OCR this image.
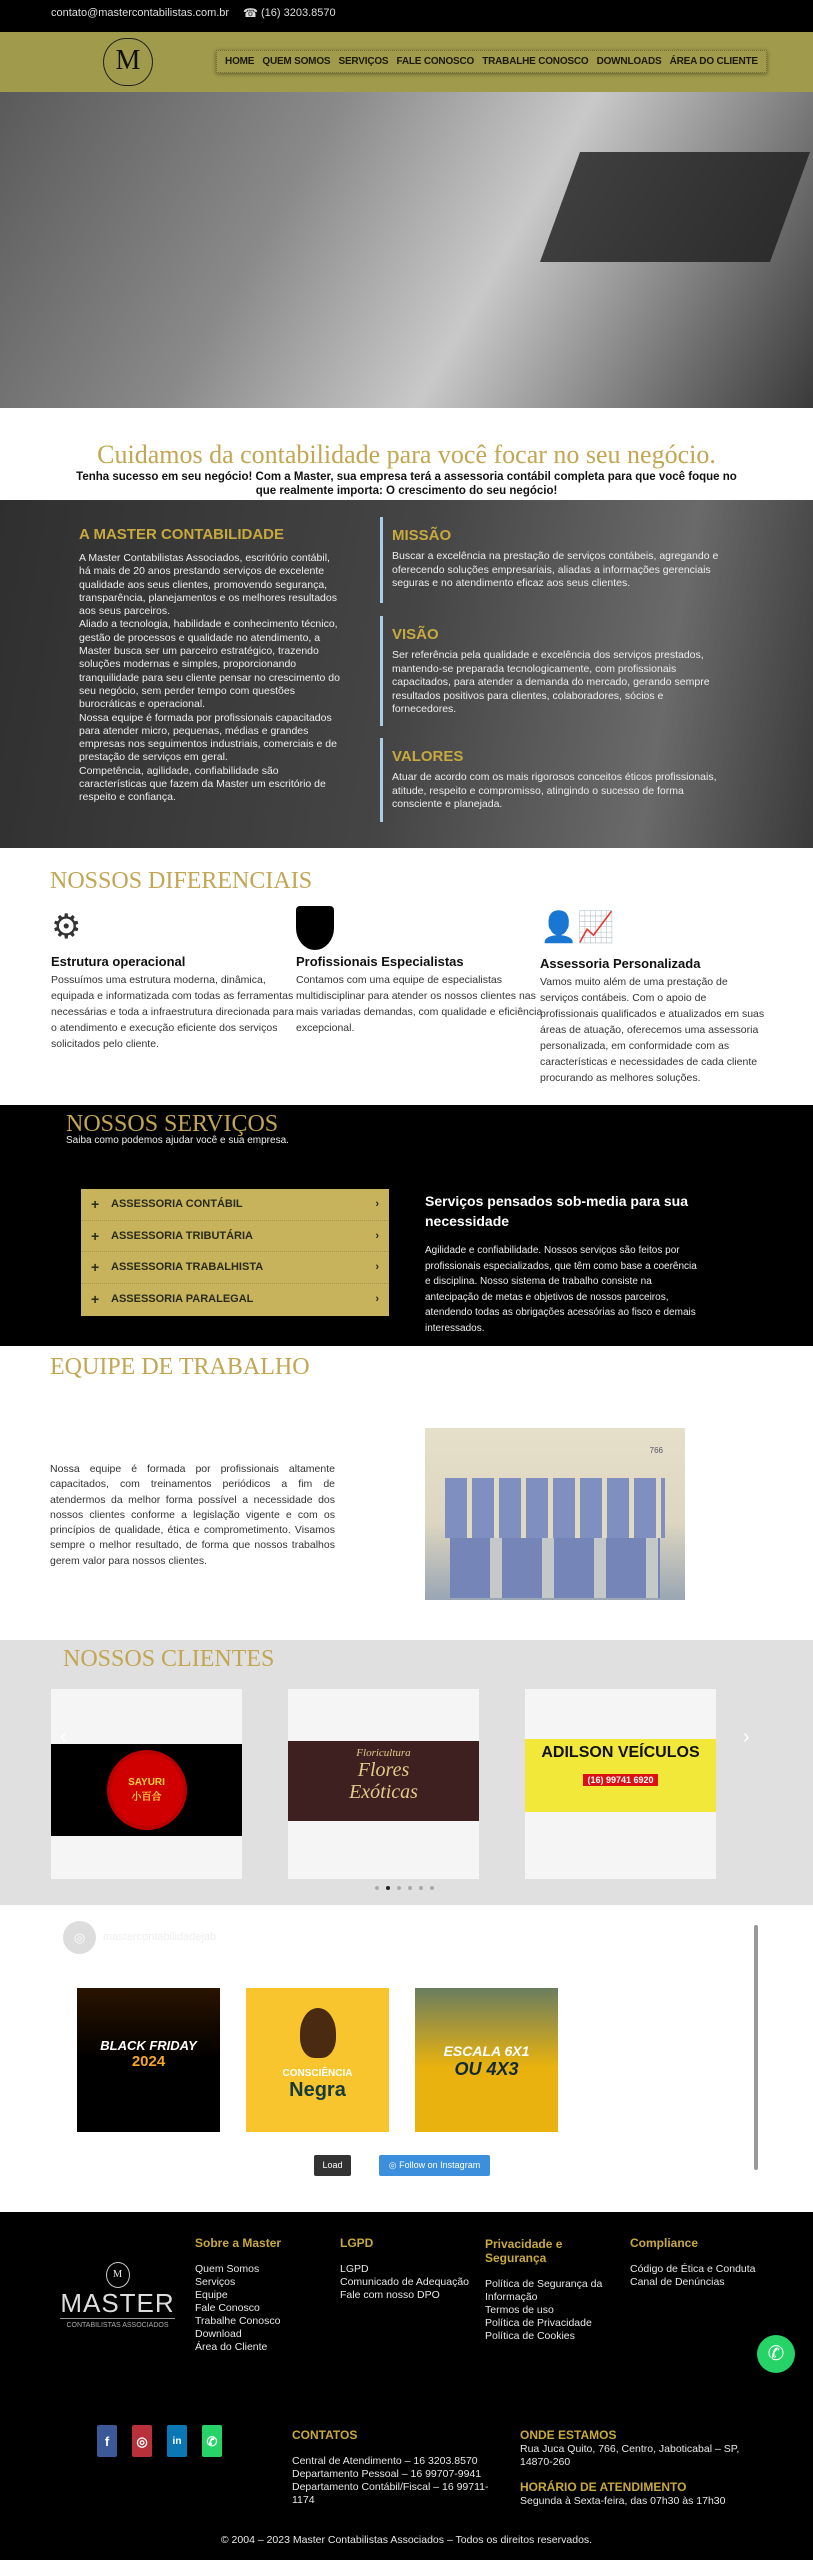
contato@mastercontabilistas.com.br ☎ (16) 3203.8570
M	HOME QUEM SOMOS SERVIÇOS FALE CONOSCO TRABALHE CONOSCO DOWNLOADS ÁREA DO CLIENTE
Cuidamos da contabilidade para você focar no seu negócio.
Tenha sucesso em seu negócio! Com a Master, sua empresa terá a assessoria contábil completa para que você foque no que realmente importa: O crescimento do seu negócio!
A MASTER CONTABILIDADE
A Master Contabilistas Associados, escritório contábil, há mais de 20 anos prestando serviços de excelente qualidade aos seus clientes, promovendo segurança, transparência, planejamentos e os melhores resultados aos seus parceiros.
Aliado a tecnologia, habilidade e conhecimento técnico, gestão de processos e qualidade no atendimento, a Master busca ser um parceiro estratégico, trazendo soluções modernas e simples, proporcionando tranquilidade para seu cliente pensar no crescimento do seu negócio, sem perder tempo com questões burocráticas e operacional.
Nossa equipe é formada por profissionais capacitados para atender micro, pequenas, médias e grandes empresas nos seguimentos industriais, comerciais e de prestação de serviços em geral.
Competência, agilidade, confiabilidade são características que fazem da Master um escritório de respeito e confiança.
MISSÃO
Buscar a excelência na prestação de serviços contábeis, agregando e oferecendo soluções empresariais, aliadas a informações gerenciais seguras e no atendimento eficaz aos seus clientes.
VISÃO
Ser referência pela qualidade e excelência dos serviços prestados, mantendo-se preparada tecnologicamente, com profissionais capacitados, para atender a demanda do mercado, gerando sempre resultados positivos para clientes, colaboradores, sócios e fornecedores.
VALORES
Atuar de acordo com os mais rigorosos conceitos éticos profissionais, atitude, respeito e compromisso, atingindo o sucesso de forma consciente e planejada.
NOSSOS DIFERENCIAIS
⚙
Estrutura operacional
Possuímos uma estrutura moderna, dinâmica, equipada e informatizada com todas as ferramentas necessárias e toda a infraestrutura direcionada para o atendimento e execução eficiente dos serviços solicitados pelo cliente.
Profissionais Especialistas
Contamos com uma equipe de especialistas multidisciplinar para atender os nossos clientes nas mais variadas demandas, com qualidade e eficiência excepcional.
👤📈
Assessoria Personalizada
Vamos muito além de uma prestação de serviços contábeis. Com o apoio de profissionais qualificados e atualizados em suas áreas de atuação, oferecemos uma assessoria personalizada, em conformidade com as características e necessidades de cada cliente procurando as melhores soluções.
NOSSOS SERVIÇOS
Saiba como podemos ajudar você e sua empresa.
+	ASSESSORIA CONTÁBIL	›
+	ASSESSORIA TRIBUTÁRIA	›
+	ASSESSORIA TRABALHISTA	›
+	ASSESSORIA PARALEGAL	›
Serviços pensados sob-media para sua necessidade
Agilidade e confiabilidade. Nossos serviços são feitos por profissionais especializados, que têm como base a coerência e disciplina. Nosso sistema de trabalho consiste na antecipação de metas e objetivos de nossos parceiros, atendendo todas as obrigações acessórias ao fisco e demais interessados.
EQUIPE DE TRABALHO
Nossa equipe é formada por profissionais altamente capacitados, com treinamentos periódicos a fim de atendermos da melhor forma possível a necessidade dos nossos clientes conforme a legislação vigente e com os princípios de qualidade, ética e comprometimento. Visamos sempre o melhor resultado, de forma que nossos trabalhos gerem valor para nossos clientes.
766
NOSSOS CLIENTES
SAYURI
小百合
Floricultura
Flores Exóticas
ADILSON VEÍCULOS
(16) 99741 6920
‹	›
◎	mastercontabilidadejab
BLACK FRIDAY
2024
CONSCIÊNCIA
Negra
ESCALA 6X1
OU 4X3
Load More
◎ Follow on Instagram
M
MASTER
CONTABILISTAS ASSOCIADOS
Sobre a Master
Quem Somos
Serviços
Equipe
Fale Conosco
Trabalhe Conosco
Download
Área do Cliente
LGPD
LGPD
Comunicado de Adequação
Fale com nosso DPO
Privacidade e Segurança
Política de Segurança da Informação
Termos de uso
Política de Privacidade
Política de Cookies
Compliance
Código de Ética e Conduta
Canal de Denúncias
f	◎	in	✆	CONTATOS
Central de Atendimento – 16 3203.8570
Departamento Pessoal – 16 99707-9941
Departamento Contábil/Fiscal – 16 99711-1174
ONDE ESTAMOS
Rua Juca Quito, 766, Centro, Jaboticabal – SP, 14870-260
HORÁRIO DE ATENDIMENTO
Segunda à Sexta-feira, das 07h30 às 17h30
© 2004 – 2023 Master Contabilistas Associados – Todos os direitos reservados.
✆
